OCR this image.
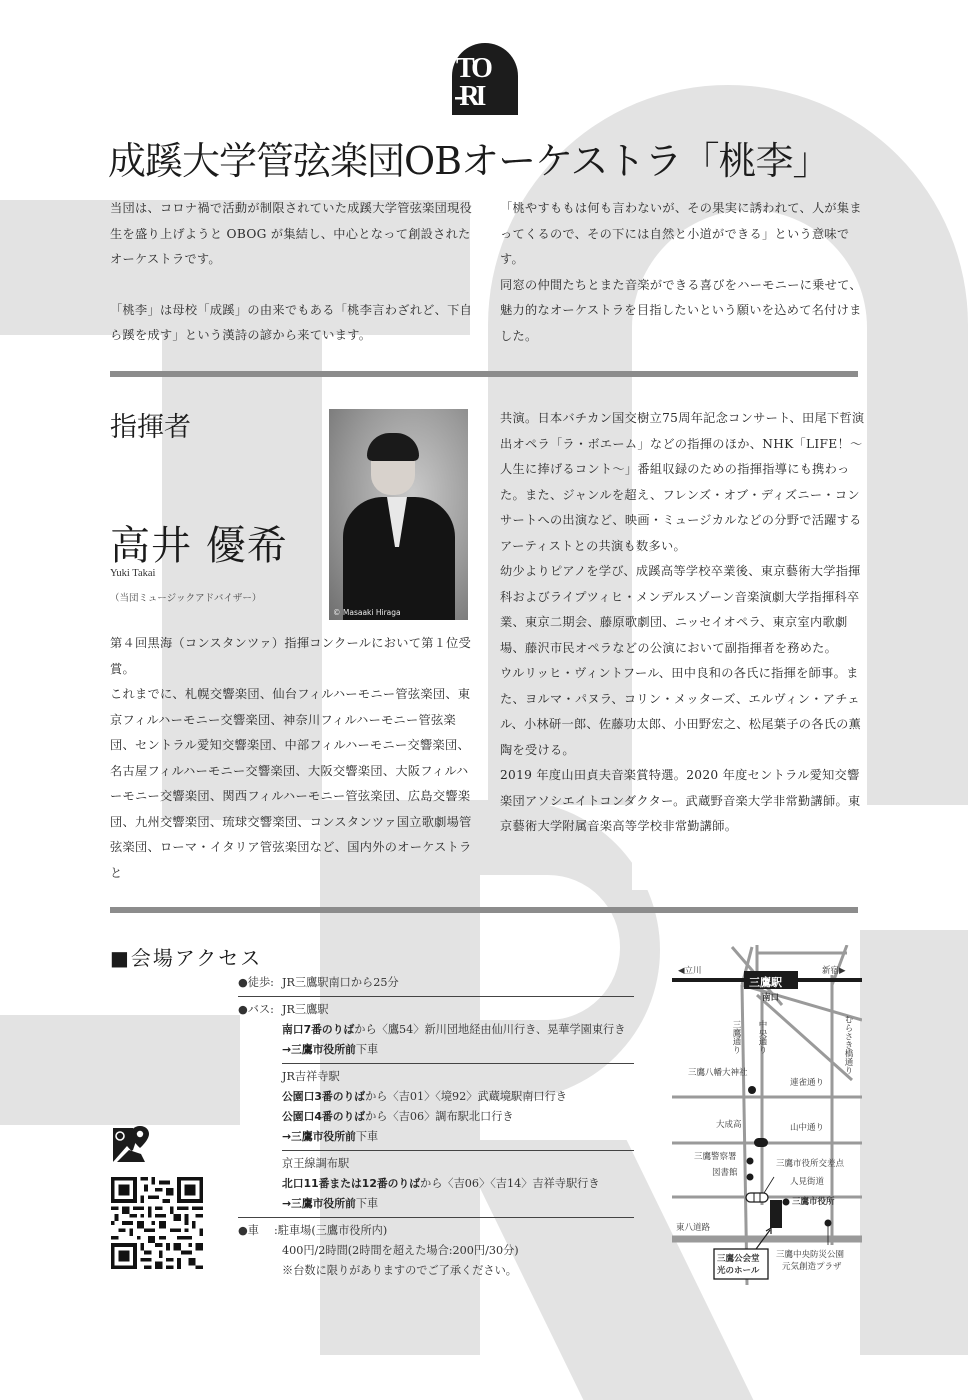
TO
-RI
成蹊大学管弦楽団OBオーケストラ「桃李」

当団は、コロナ禍で活動が制限されていた成蹊大学管弦楽団現役生を盛り上げようと OBOG が集結し、中心となって創設されたオーケストラです。

「桃李」は母校「成蹊」の由来でもある「桃李言わざれど、下自ら蹊を成す」という漢詩の諺から来ています。

「桃やすももは何も言わないが、その果実に誘われて、人が集まってくるので、その下には自然と小道ができる」という意味です。

同窓の仲間たちとまた音楽ができる喜びをハーモニーに乗せて、魅力的なオーケストラを目指したいという願いを込めて名付けました。

指揮者
© Masaaki Hiraga
高井 優希
Yuki Takai
（当団ミュージックアドバイザー）

第４回黒海（コンスタンツァ）指揮コンクールにおいて第１位受賞。

これまでに、札幌交響楽団、仙台フィルハーモニー管弦楽団、東京フィルハーモニー交響楽団、神奈川フィルハーモニー管弦楽団、セントラル愛知交響楽団、中部フィルハーモニー交響楽団、名古屋フィルハーモニー交響楽団、大阪交響楽団、大阪フィルハーモニー交響楽団、関西フィルハーモニー管弦楽団、広島交響楽団、九州交響楽団、琉球交響楽団、コンスタンツァ国立歌劇場管弦楽団、ローマ・イタリア管弦楽団など、国内外のオーケストラと

共演。日本バチカン国交樹立75周年記念コンサート、田尾下哲演出オペラ「ラ・ボエーム」などの指揮のほか、NHK「LIFE！～人生に捧げるコント～」番組収録のための指揮指導にも携わった。また、ジャンルを超え、フレンズ・オブ・ディズニー・コンサートへの出演など、映画・ミュージカルなどの分野で活躍するアーティストとの共演も数多い。

幼少よりピアノを学び、成蹊高等学校卒業後、東京藝術大学指揮科およびライプツィヒ・メンデルスゾーン音楽演劇大学指揮科卒業、東京二期会、藤原歌劇団、ニッセイオペラ、東京室内歌劇場、藤沢市民オペラなどの公演において副指揮者を務めた。

ウルリッヒ・ヴィントフール、田中良和の各氏に指揮を師事。また、ヨルマ・パヌラ、コリン・メッターズ、エルヴィン・アチェル、小林研一郎、佐藤功太郎、小田野宏之、松尾葉子の各氏の薫陶を受ける。

2019 年度山田貞夫音楽賞特選。2020 年度セントラル愛知交響楽団アソシエイトコンダクター。武蔵野音楽大学非常勤講師。東京藝術大学附属音楽高等学校非常勤講師。

■会場アクセス
●徒歩: JR三鷹駅南口から25分
●バス: JR三鷹駅
南口7番のりばから〈鷹54〉新川団地経由仙川行き、晃華学園東行き
→三鷹市役所前下車
JR吉祥寺駅
公園口3番のりばから〈吉01〉〈境92〉武蔵境駅南口行き
公園口4番のりばから〈吉06〉調布駅北口行き
→三鷹市役所前下車
京王線調布駅
北口11番または12番のりばから〈吉06〉〈吉14〉吉祥寺駅行き
→三鷹市役所前下車
●車 :駐車場(三鷹市役所内)
400円/2時間(2時間を超えた場合:200円/30分)
※台数に限りがありますのでご了承ください。
◀立川	新宿▶
三鷹駅
南口
三鷹通り 中央通り	むらさき橋通り
三鷹八幡大神社
連雀通り
大成高	山中通り
三鷹警察署
図書館
三鷹市役所交差点
人見街道
三鷹市役所
東八道路
三鷹公会堂
光のホール
三鷹中央防災公園
元気創造プラザ
